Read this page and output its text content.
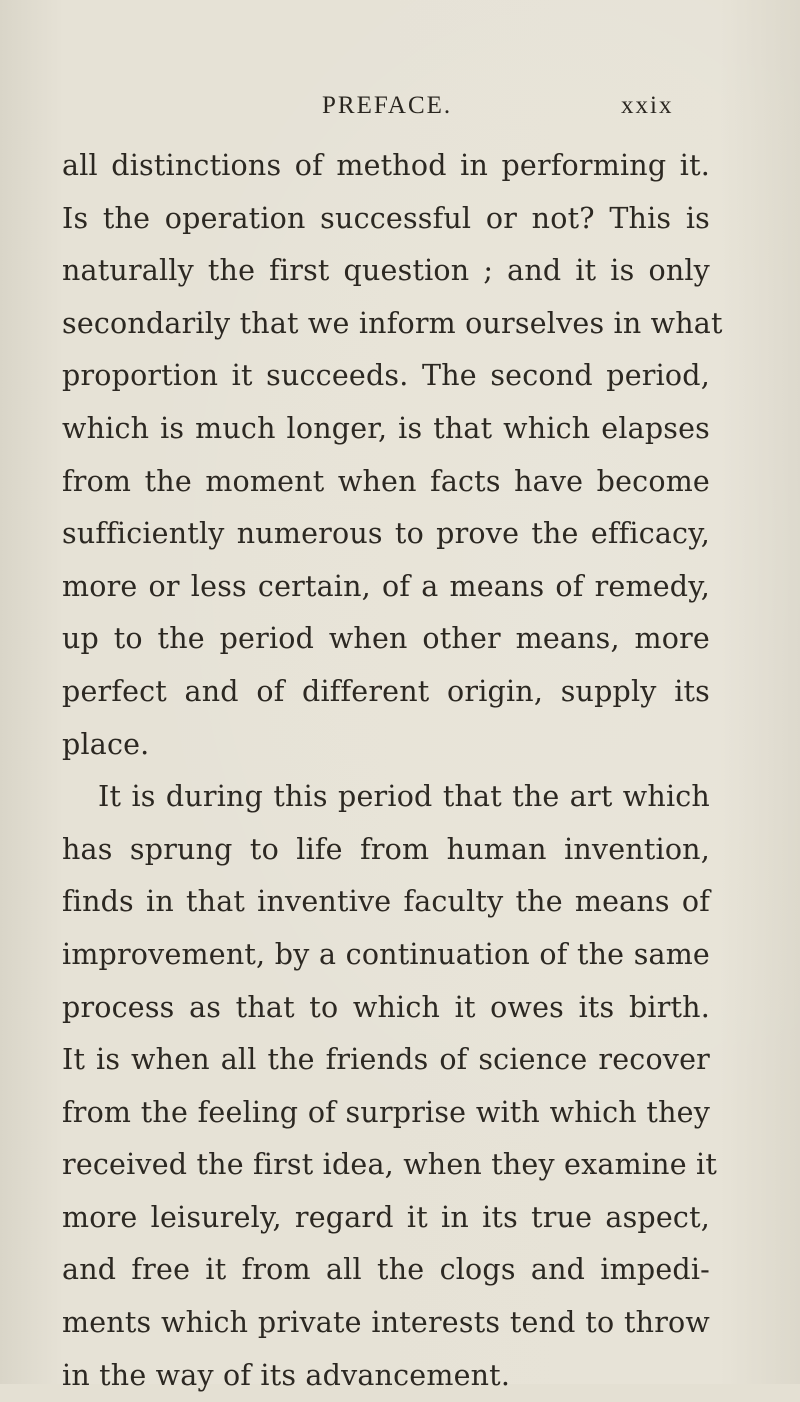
PREFACE.	xxix
all distinctions of method in performing it.
Is the operation successful or not? This is
naturally the first question ; and it is only
secondarily that we inform ourselves in what
proportion it succeeds. The second period,
which is much longer, is that which elapses
from the moment when facts have become
sufficiently numerous to prove the efficacy,
more or less certain, of a means of remedy,
up to the period when other means, more
perfect and of different origin, supply its
place.
It is during this period that the art which
has sprung to life from human invention,
finds in that inventive faculty the means of
improvement, by a continuation of the same
process as that to which it owes its birth.
It is when all the friends of science recover
from the feeling of surprise with which they
received the first idea, when they examine it
more leisurely, regard it in its true aspect,
and free it from all the clogs and impedi-
ments which private interests tend to throw
in the way of its advancement.
